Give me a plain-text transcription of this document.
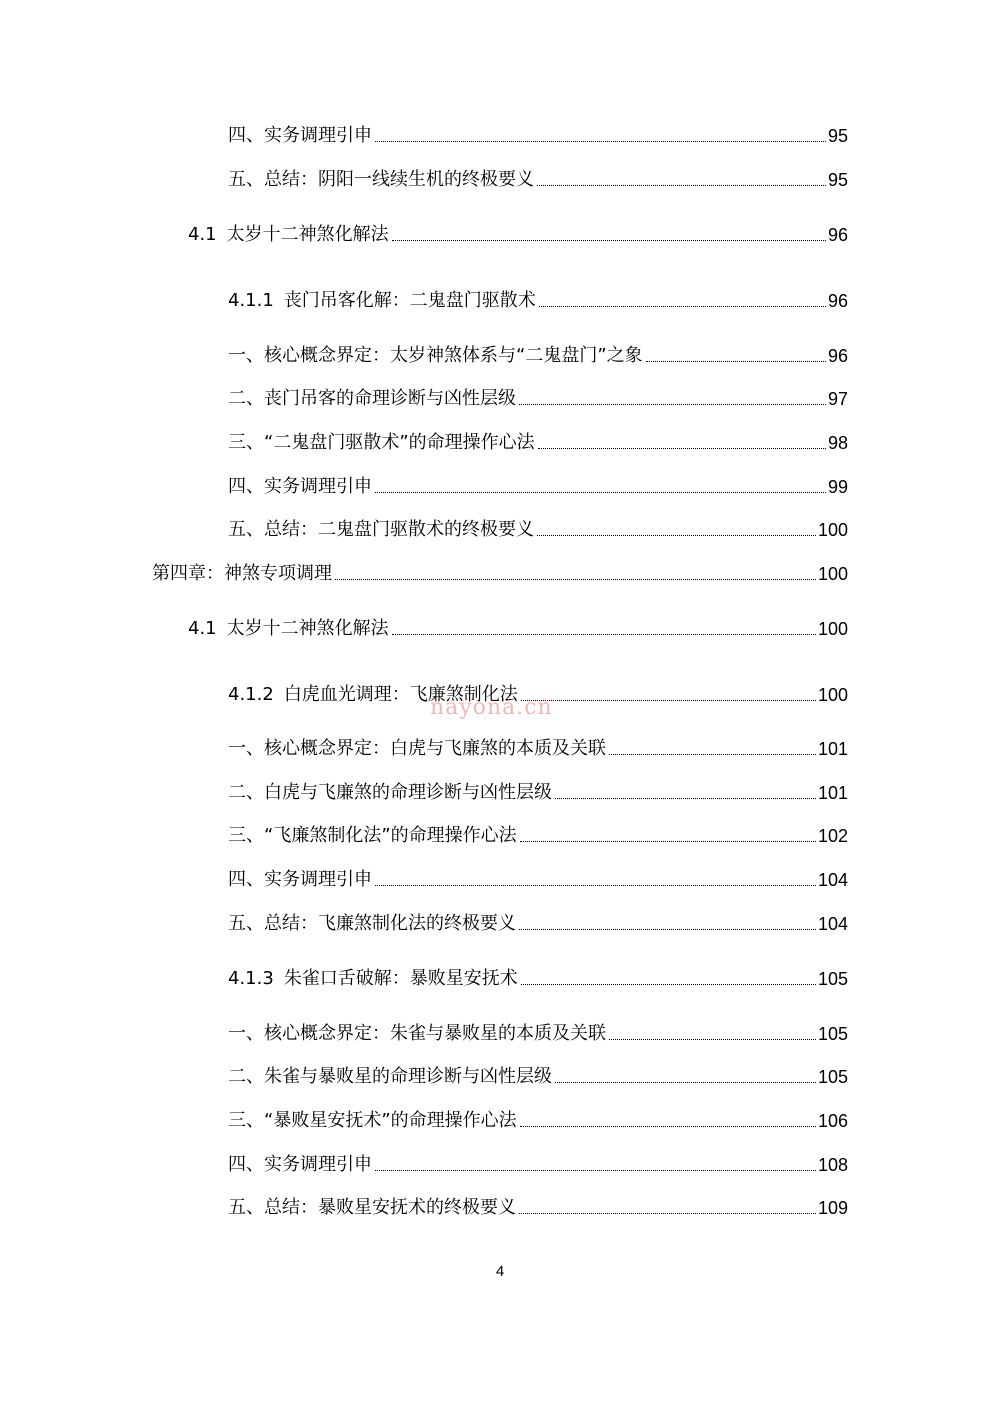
四、实务调理引申	95
五、总结：阴阳一线续生机的终极要义	95
4.1 太岁十二神煞化解法	96
4.1.1 丧门吊客化解：二鬼盘门驱散术	96
一、核心概念界定：太岁神煞体系与“二鬼盘门”之象	96
二、丧门吊客的命理诊断与凶性层级	97
三、“二鬼盘门驱散术”的命理操作心法	98
四、实务调理引申	99
五、总结：二鬼盘门驱散术的终极要义	100
第四章：神煞专项调理	100
4.1 太岁十二神煞化解法	100
4.1.2 白虎血光调理：飞廉煞制化法	100
一、核心概念界定：白虎与飞廉煞的本质及关联	101
二、白虎与飞廉煞的命理诊断与凶性层级	101
三、“飞廉煞制化法”的命理操作心法	102
四、实务调理引申	104
五、总结：飞廉煞制化法的终极要义	104
4.1.3 朱雀口舌破解：暴败星安抚术	105
一、核心概念界定：朱雀与暴败星的本质及关联	105
二、朱雀与暴败星的命理诊断与凶性层级	105
三、“暴败星安抚术”的命理操作心法	106
四、实务调理引申	108
五、总结：暴败星安抚术的终极要义	109
nayona.cn
4
